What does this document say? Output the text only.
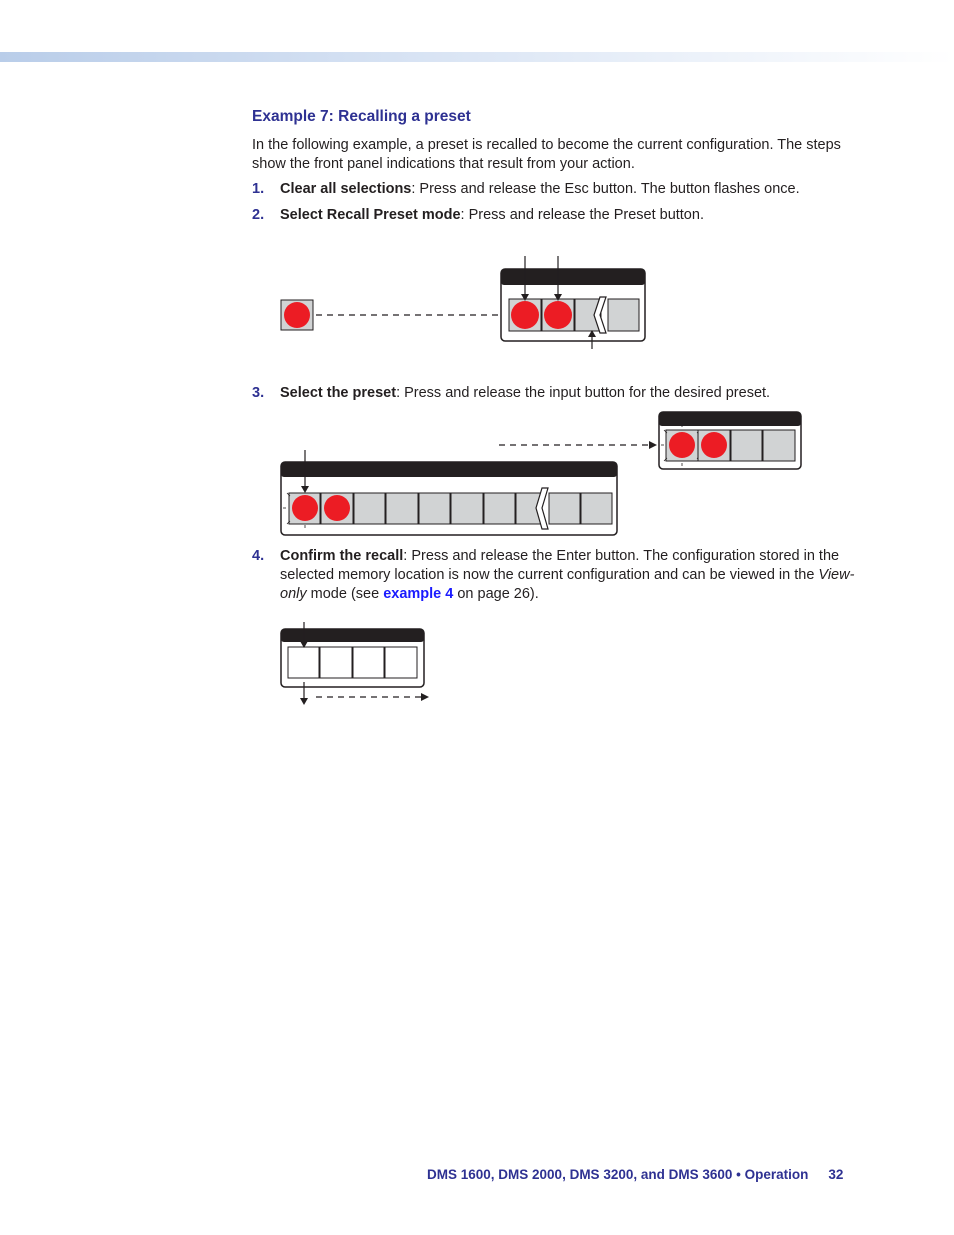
Example 7: Recalling a preset
In the following example, a preset is recalled to become the current configuration. The steps show the front panel indications that result from your action.
1. Clear all selections: Press and release the Esc button. The button flashes once.
2. Select Recall Preset mode: Press and release the Preset button.
3. Select the preset: Press and release the input button for the desired preset.
4. Confirm the recall: Press and release the Enter button. The configuration stored in the selected memory location is now the current configuration and can be viewed in the View-only mode (see example 4 on page 26).
DMS 1600, DMS 2000, DMS 3200, and DMS 3600 • Operation 32
